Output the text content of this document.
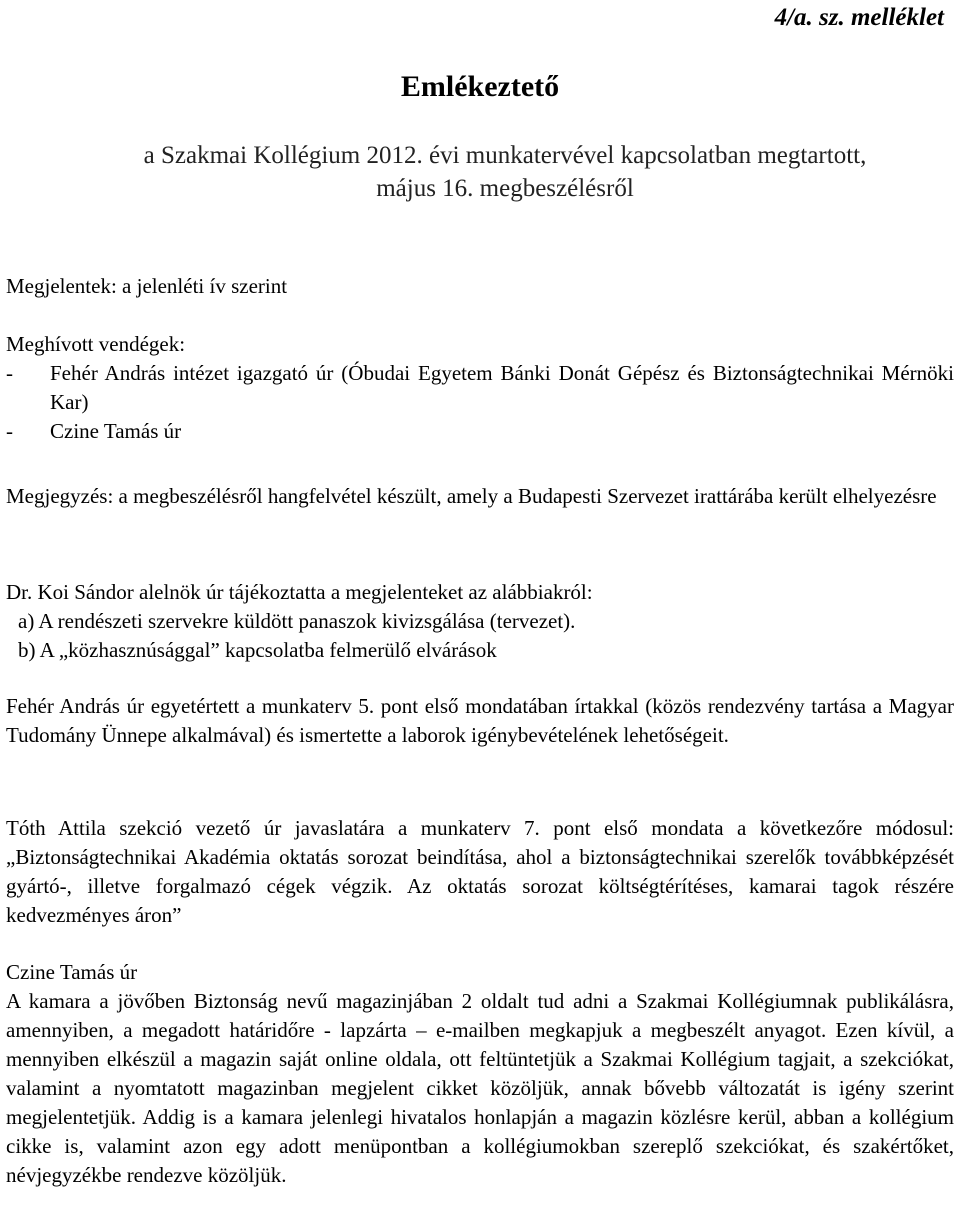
4/a. sz. melléklet
Emlékeztető
a Szakmai Kollégium 2012. évi munkatervével kapcsolatban megtartott,
május 16. megbeszélésről
Megjelentek: a jelenléti ív szerint
Meghívott vendégek:
-	Fehér András intézet igazgató úr (Óbudai Egyetem Bánki Donát Gépész és Biztonságtechnikai Mérnöki Kar)
-	Czine Tamás úr
Megjegyzés: a megbeszélésről hangfelvétel készült, amely a Budapesti Szervezet irattárába került elhelyezésre
Dr. Koi Sándor alelnök úr tájékoztatta a megjelenteket az alábbiakról:
a) A rendészeti szervekre küldött panaszok kivizsgálása (tervezet).
b) A „közhasznúsággal” kapcsolatba felmerülő elvárások
Fehér András úr egyetértett a munkaterv 5. pont első mondatában írtakkal (közös rendezvény tartása a Magyar Tudomány Ünnepe alkalmával) és ismertette a laborok igénybevételének lehetőségeit.
Tóth Attila szekció vezető úr javaslatára a munkaterv 7. pont első mondata a következőre módosul: „Biztonságtechnikai Akadémia oktatás sorozat beindítása, ahol a biztonságtechnikai szerelők továbbképzését gyártó-, illetve forgalmazó cégek végzik. Az oktatás sorozat költségtérítéses, kamarai tagok részére kedvezményes áron”
Czine Tamás úr
A kamara a jövőben Biztonság nevű magazinjában 2 oldalt tud adni a Szakmai Kollégiumnak publikálásra, amennyiben, a megadott határidőre - lapzárta – e-mailben megkapjuk a megbeszélt anyagot. Ezen kívül, a mennyiben elkészül a magazin saját online oldala, ott feltüntetjük a Szakmai Kollégium tagjait, a szekciókat, valamint a nyomtatott magazinban megjelent cikket közöljük, annak bővebb változatát is igény szerint megjelentetjük. Addig is a kamara jelenlegi hivatalos honlapján a magazin közlésre kerül, abban a kollégium cikke is, valamint azon egy adott menüpontban a kollégiumokban szereplő szekciókat, és szakértőket, névjegyzékbe rendezve közöljük.
